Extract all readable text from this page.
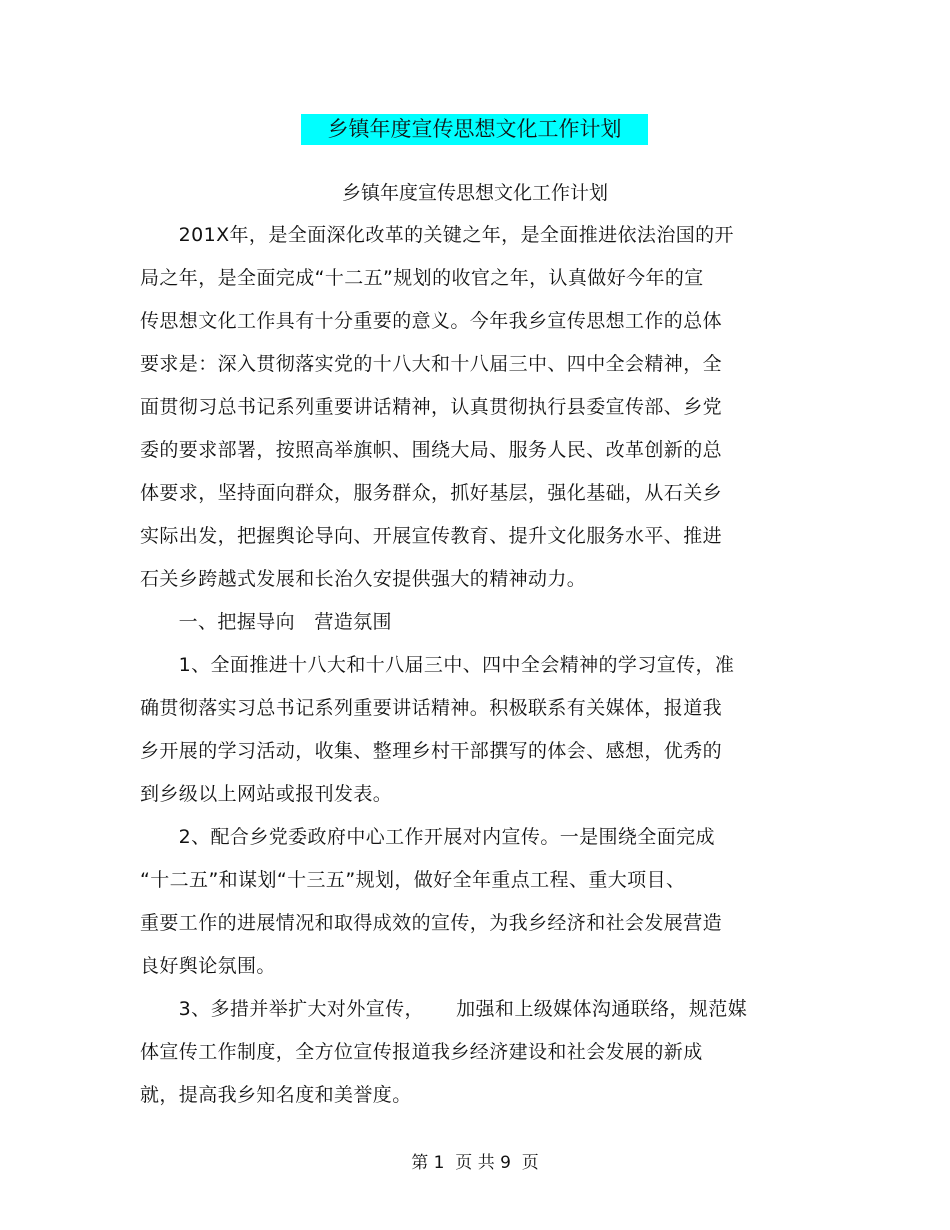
乡镇年度宣传思想文化工作计划
乡镇年度宣传思想文化工作计划
201X年，是全面深化改革的关键之年，是全面推进依法治国的开
局之年，是全面完成“十二五”规划的收官之年，认真做好今年的宣
传思想文化工作具有十分重要的意义。今年我乡宣传思想工作的总体
要求是：深入贯彻落实党的十八大和十八届三中、四中全会精神，全
面贯彻习总书记系列重要讲话精神，认真贯彻执行县委宣传部、乡党
委的要求部署，按照高举旗帜、围绕大局、服务人民、改革创新的总
体要求，坚持面向群众，服务群众，抓好基层，强化基础，从石关乡
实际出发，把握舆论导向、开展宣传教育、提升文化服务水平、推进
石关乡跨越式发展和长治久安提供强大的精神动力。
一、把握导向   营造氛围
1、全面推进十八大和十八届三中、四中全会精神的学习宣传，准
确贯彻落实习总书记系列重要讲话精神。积极联系有关媒体，报道我
乡开展的学习活动，收集、整理乡村干部撰写的体会、感想，优秀的
到乡级以上网站或报刊发表。
2、配合乡党委政府中心工作开展对内宣传。一是围绕全面完成
“十二五”和谋划“十三五”规划，做好全年重点工程、重大项目、
重要工作的进展情况和取得成效的宣传，为我乡经济和社会发展营造
良好舆论氛围。
3、多措并举扩大对外宣传，     加强和上级媒体沟通联络，规范媒
体宣传工作制度，全方位宣传报道我乡经济建设和社会发展的新成
就，提高我乡知名度和美誉度。
第 1  页 共 9  页
